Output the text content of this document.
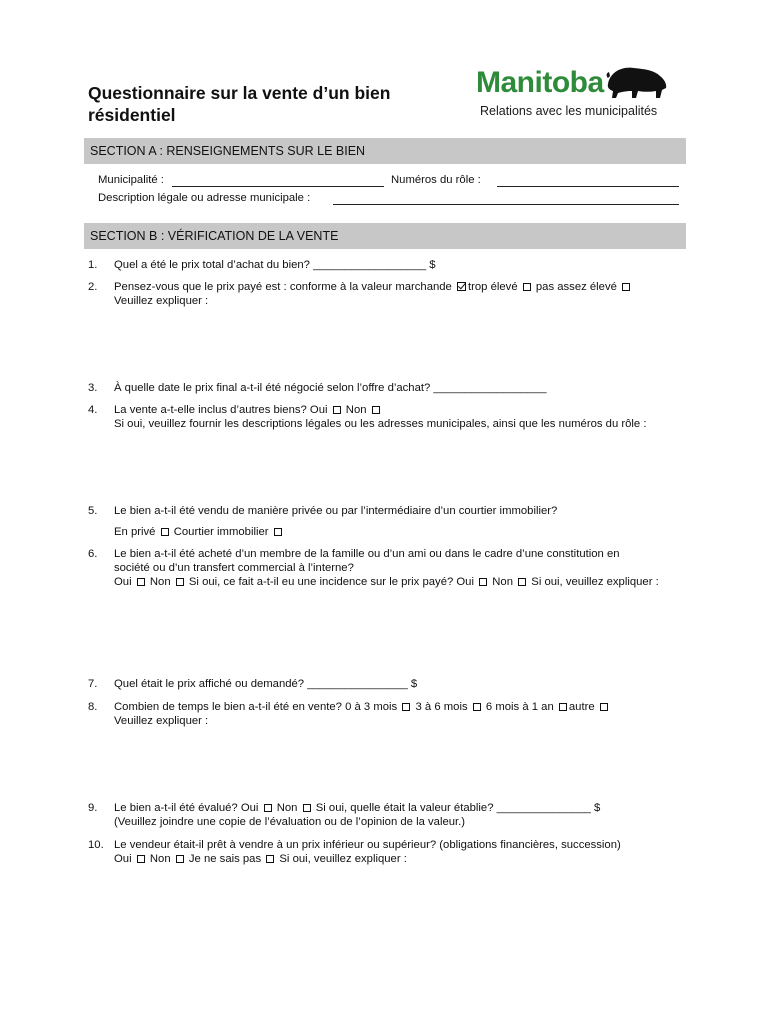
Questionnaire sur la vente d’un bien
résidentiel
Manitoba
Relations avec les municipalités
SECTION A : RENSEIGNEMENTS SUR LE BIEN
Municipalité :	Numéros du rôle :
Description légale ou adresse municipale :
SECTION B : VÉRIFICATION DE LA VENTE
1.	Quel a été le prix total d’achat du bien? __________________ $
2.	Pensez-vous que le prix payé est : conforme à la valeur marchande trop élevé pas assez élevé
Veuillez expliquer :
3.	À quelle date le prix final a-t-il été négocié selon l’offre d’achat? __________________
4.	La vente a-t-elle inclus d’autres biens? Oui Non
Si oui, veuillez fournir les descriptions légales ou les adresses municipales, ainsi que les numéros du rôle :
5.	Le bien a-t-il été vendu de manière privée ou par l’intermédiaire d’un courtier immobilier?
En privé Courtier immobilier
6.	Le bien a-t-il été acheté d’un membre de la famille ou d’un ami ou dans le cadre d’une constitution en
société ou d’un transfert commercial à l’interne?
Oui Non Si oui, ce fait a-t-il eu une incidence sur le prix payé? Oui Non Si oui, veuillez expliquer :
7.	Quel était le prix affiché ou demandé? ________________ $
8.	Combien de temps le bien a-t-il été en vente? 0 à 3 mois 3 à 6 mois 6 mois à 1 an autre
Veuillez expliquer :
9.	Le bien a-t-il été évalué? Oui Non Si oui, quelle était la valeur établie? _______________ $
(Veuillez joindre une copie de l’évaluation ou de l’opinion de la valeur.)
10. Le vendeur était-il prêt à vendre à un prix inférieur ou supérieur? (obligations financières, succession)
Oui Non Je ne sais pas Si oui, veuillez expliquer :
